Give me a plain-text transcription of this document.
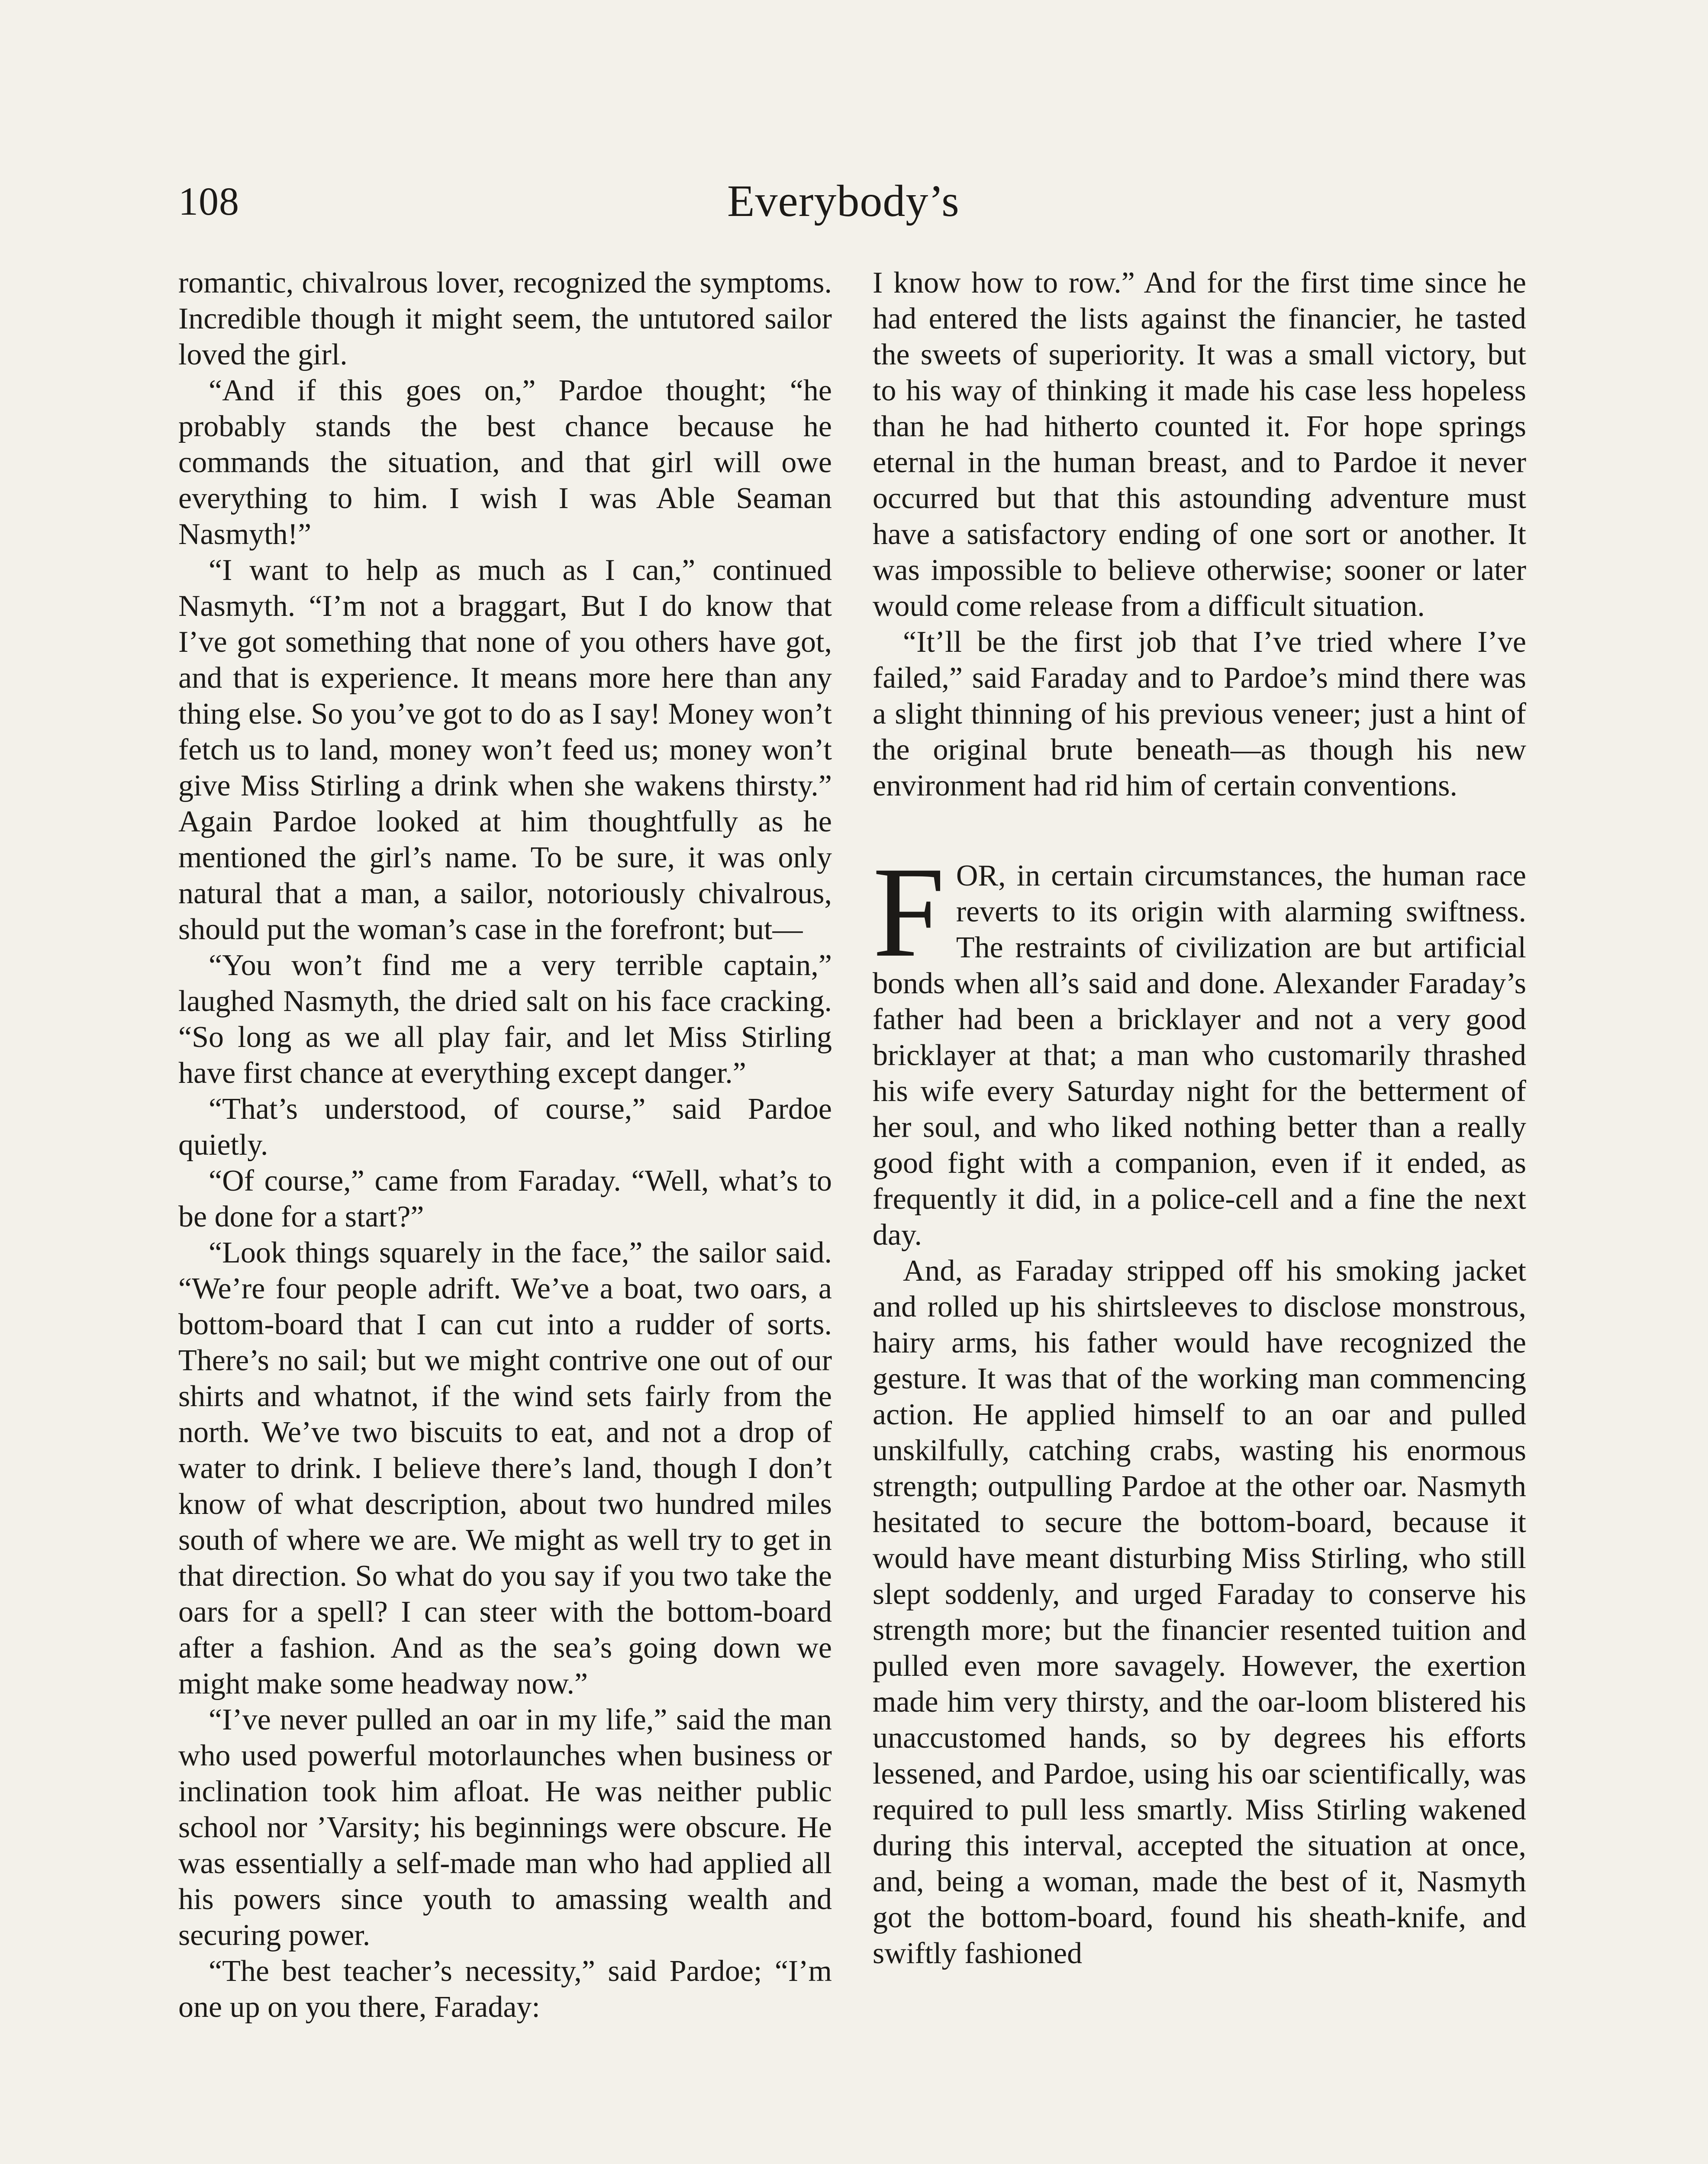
108	Everybody’s

romantic, chivalrous lover, recognized the symptoms. Incredible though it might seem, the untutored sailor loved the girl.

“And if this goes on,” Pardoe thought; “he probably stands the best chance because he commands the situation, and that girl will owe everything to him. I wish I was Able Seaman Nasmyth!”

“I want to help as much as I can,” continued Nasmyth. “I’m not a braggart, But I do know that I’ve got something that none of you others have got, and that is experience. It means more here than any thing else. So you’ve got to do as I say! Money won’t fetch us to land, money won’t feed us; money won’t give Miss Stirling a drink when she wakens thirsty.” Again Pardoe looked at him thoughtfully as he mentioned the girl’s name. To be sure, it was only natural that a man, a sailor, notoriously chivalrous, should put the woman’s case in the forefront; but—

“You won’t find me a very terrible captain,” laughed Nasmyth, the dried salt on his face cracking. “So long as we all play fair, and let Miss Stirling have first chance at everything except danger.”

“That’s understood, of course,” said Pardoe quietly.

“Of course,” came from Faraday. “Well, what’s to be done for a start?”

“Look things squarely in the face,” the sailor said. “We’re four people adrift. We’ve a boat, two oars, a bottom-board that I can cut into a rudder of sorts. There’s no sail; but we might contrive one out of our shirts and whatnot, if the wind sets fairly from the north. We’ve two biscuits to eat, and not a drop of water to drink. I believe there’s land, though I don’t know of what description, about two hundred miles south of where we are. We might as well try to get in that direction. So what do you say if you two take the oars for a spell? I can steer with the bottom-board after a fashion. And as the sea’s going down we might make some headway now.”

“I’ve never pulled an oar in my life,” said the man who used powerful motorlaunches when business or inclination took him afloat. He was neither public school nor ’Varsity; his beginnings were obscure. He was essentially a self-made man who had applied all his powers since youth to amassing wealth and securing power.

“The best teacher’s necessity,” said Pardoe; “I’m one up on you there, Faraday:

I know how to row.” And for the first time since he had entered the lists against the financier, he tasted the sweets of superiority. It was a small victory, but to his way of thinking it made his case less hopeless than he had hitherto counted it. For hope springs eternal in the human breast, and to Pardoe it never occurred but that this astounding adventure must have a satisfactory ending of one sort or another. It was impossible to believe otherwise; sooner or later would come release from a difficult situation.

“It’ll be the first job that I’ve tried where I’ve failed,” said Faraday and to Pardoe’s mind there was a slight thinning of his previous veneer; just a hint of the original brute beneath—as though his new environment had rid him of certain conventions.

FOR, in certain circumstances, the human race reverts to its origin with alarming swiftness. The restraints of civilization are but artificial bonds when all’s said and done. Alexander Faraday’s father had been a bricklayer and not a very good bricklayer at that; a man who customarily thrashed his wife every Saturday night for the betterment of her soul, and who liked nothing better than a really good fight with a companion, even if it ended, as frequently it did, in a police-cell and a fine the next day.

And, as Faraday stripped off his smoking jacket and rolled up his shirtsleeves to disclose monstrous, hairy arms, his father would have recognized the gesture. It was that of the working man commencing action. He applied himself to an oar and pulled unskilfully, catching crabs, wasting his enormous strength; outpulling Pardoe at the other oar. Nasmyth hesitated to secure the bottom-board, because it would have meant disturbing Miss Stirling, who still slept soddenly, and urged Faraday to conserve his strength more; but the financier resented tuition and pulled even more savagely. However, the exertion made him very thirsty, and the oar-loom blistered his unaccustomed hands, so by degrees his efforts lessened, and Pardoe, using his oar scientifically, was required to pull less smartly. Miss Stirling wakened during this interval, accepted the situation at once, and, being a woman, made the best of it, Nasmyth got the bottom-board, found his sheath-knife, and swiftly fashioned
